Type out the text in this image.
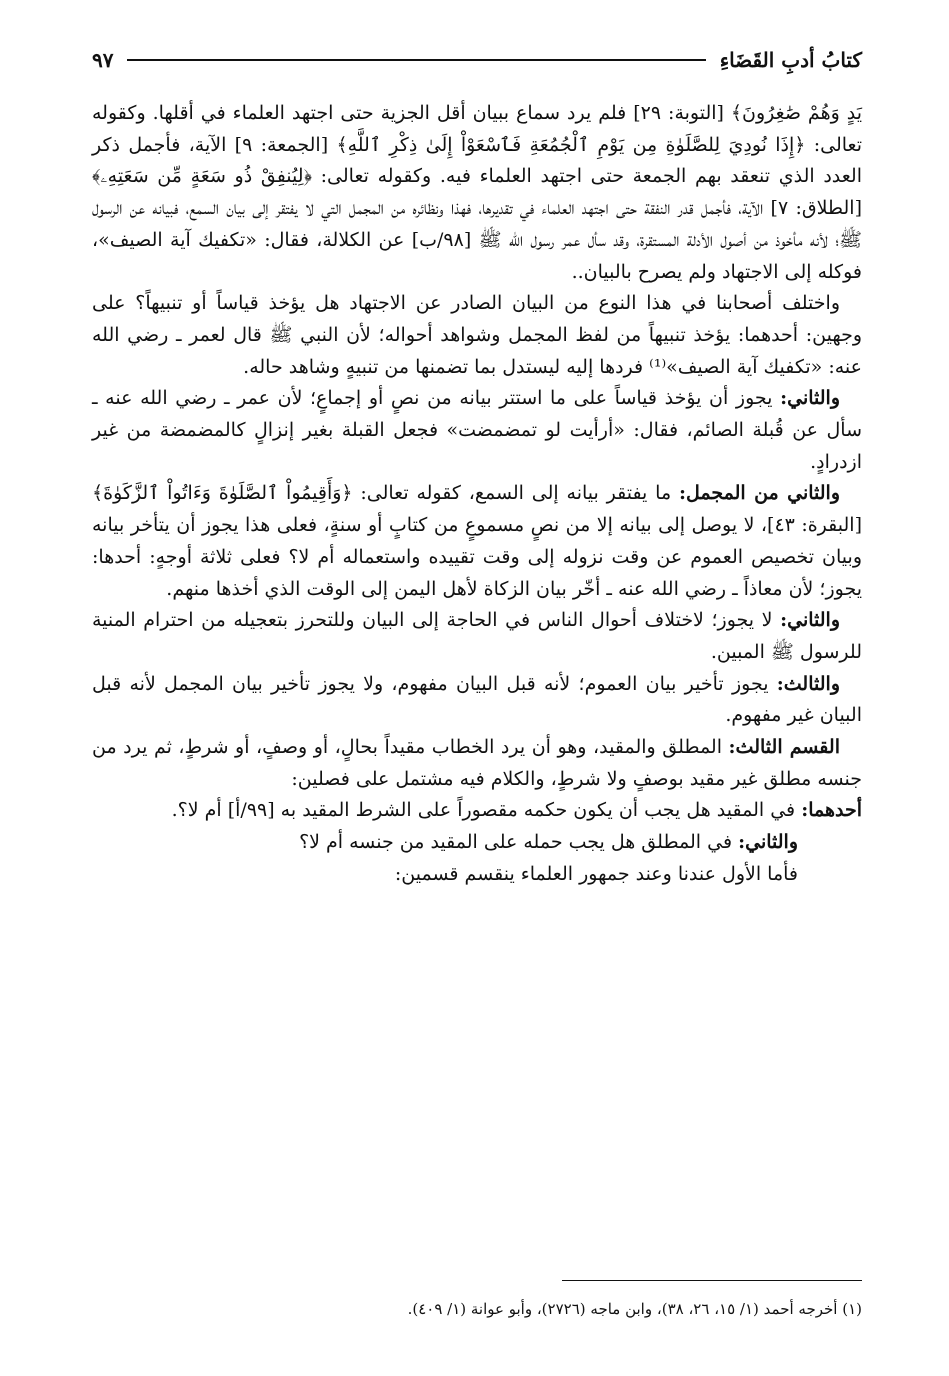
كتابُ أدبِ القَضَاءِ
٩٧

يَدٍ وَهُمْ صَٰغِرُونَ﴾ [التوبة: ٢٩] فلم يرد سماع ببيان أقل الجزية حتى اجتهد العلماء في أقلها. وكقوله تعالى: ﴿إِذَا نُودِيَ لِلصَّلَوٰةِ مِن يَوْمِ ٱلْجُمُعَةِ فَٱسْعَوْاْ إِلَىٰ ذِكْرِ ٱللَّهِ﴾ [الجمعة: ٩] الآية، فأجمل ذكر العدد الذي تنعقد بهم الجمعة حتى اجتهد العلماء فيه. وكقوله تعالى: ﴿لِيُنفِقْ ذُو سَعَةٍ مِّن سَعَتِهِۦ﴾ [الطلاق: ٧] الآية، فأجمل قدر النفقة حتى اجتهد العلماء في تقديرها، فهذا ونظائره من المجمل التي لا يفتقر إلى بيان السمع، فبيانه عن الرسول ﷺ؛ لأنه مأخوذ من أصول الأدلة المستقرة، وقد سأل عمر رسول الله ﷺ [٩٨/ب] عن الكلالة، فقال: «تكفيك آية الصيف»، فوكله إلى الاجتهاد ولم يصرح بالبيان..

واختلف أصحابنا في هذا النوع من البيان الصادر عن الاجتهاد هل يؤخذ قياساً أو تنبيهاً؟ على وجهين: أحدهما: يؤخذ تنبيهاً من لفظ المجمل وشواهد أحواله؛ لأن النبي ﷺ قال لعمر ـ رضي الله عنه: «تكفيك آية الصيف»⁽¹⁾ فردها إليه ليستدل بما تضمنها من تنبيهٍ وشاهد حاله.

والثاني: يجوز أن يؤخذ قياساً على ما استتر بيانه من نصٍ أو إجماعٍ؛ لأن عمر ـ رضي الله عنه ـ سأل عن قُبلة الصائم، فقال: «أرأيت لو تمضمضت» فجعل القبلة بغير إنزالٍ كالمضمضة من غير ازدرادٍ.

والثاني من المجمل: ما يفتقر بيانه إلى السمع، كقوله تعالى: ﴿وَأَقِيمُواْ ٱلصَّلَوٰةَ وَءَاتُواْ ٱلزَّكَوٰةَ﴾ [البقرة: ٤٣]، لا يوصل إلى بيانه إلا من نصٍ مسموعٍ من كتابٍ أو سنةٍ، فعلى هذا يجوز أن يتأخر بيانه وبيان تخصيص العموم عن وقت نزوله إلى وقت تقييده واستعماله أم لا؟ فعلى ثلاثة أوجهٍ: أحدها: يجوز؛ لأن معاذاً ـ رضي الله عنه ـ أخّر بيان الزكاة لأهل اليمن إلى الوقت الذي أخذها منهم.

والثاني: لا يجوز؛ لاختلاف أحوال الناس في الحاجة إلى البيان وللتحرز بتعجيله من احترام المنية للرسول ﷺ المبين.

والثالث: يجوز تأخير بيان العموم؛ لأنه قبل البيان مفهوم، ولا يجوز تأخير بيان المجمل لأنه قبل البيان غير مفهوم.

القسم الثالث: المطلق والمقيد، وهو أن يرد الخطاب مقيداً بحالٍ، أو وصفٍ، أو شرطٍ، ثم يرد من جنسه مطلق غير مقيد بوصفٍ ولا شرطٍ، والكلام فيه مشتمل على فصلين:

أحدهما: في المقيد هل يجب أن يكون حكمه مقصوراً على الشرط المقيد به [٩٩/أ] أم لا؟.

والثاني: في المطلق هل يجب حمله على المقيد من جنسه أم لا؟

فأما الأول عندنا وعند جمهور العلماء ينقسم قسمين:

(١) أخرجه أحمد (١/ ١٥، ٢٦، ٣٨)، وابن ماجه (٢٧٢٦)، وأبو عوانة (١/ ٤٠٩).
